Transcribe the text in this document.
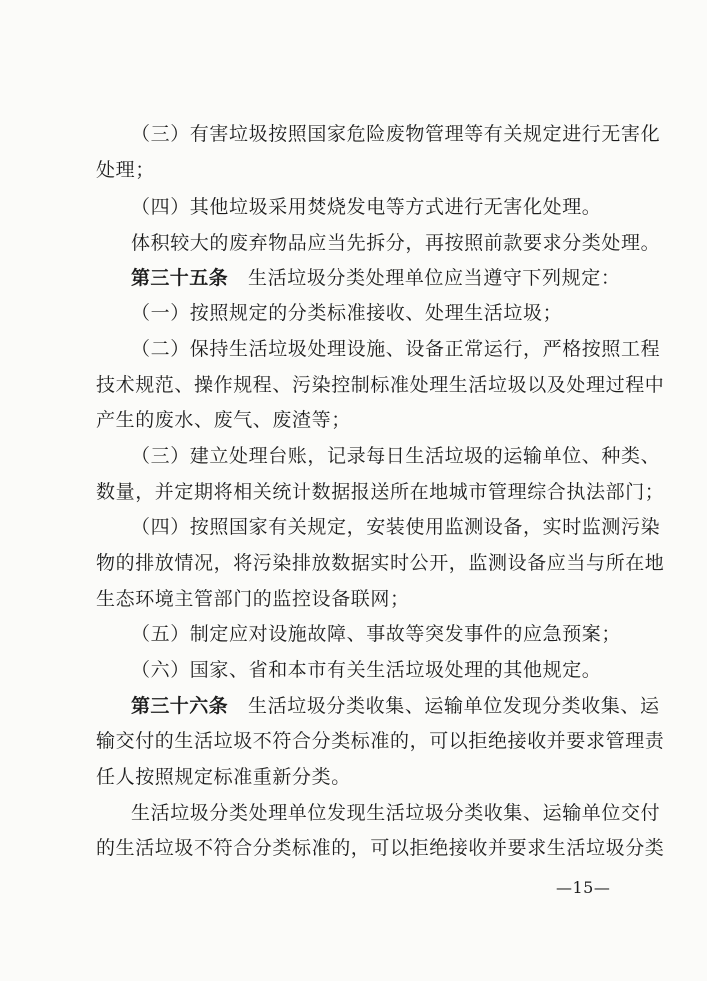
（三）有害垃圾按照国家危险废物管理等有关规定进行无害化
处理；
（四）其他垃圾采用焚烧发电等方式进行无害化处理。
体积较大的废弃物品应当先拆分，再按照前款要求分类处理。
第三十五条 生活垃圾分类处理单位应当遵守下列规定：
（一）按照规定的分类标准接收、处理生活垃圾；
（二）保持生活垃圾处理设施、设备正常运行，严格按照工程
技术规范、操作规程、污染控制标准处理生活垃圾以及处理过程中
产生的废水、废气、废渣等；
（三）建立处理台账，记录每日生活垃圾的运输单位、种类、
数量，并定期将相关统计数据报送所在地城市管理综合执法部门；
（四）按照国家有关规定，安装使用监测设备，实时监测污染
物的排放情况，将污染排放数据实时公开，监测设备应当与所在地
生态环境主管部门的监控设备联网；
（五）制定应对设施故障、事故等突发事件的应急预案；
（六）国家、省和本市有关生活垃圾处理的其他规定。
第三十六条 生活垃圾分类收集、运输单位发现分类收集、运
输交付的生活垃圾不符合分类标准的，可以拒绝接收并要求管理责
任人按照规定标准重新分类。
生活垃圾分类处理单位发现生活垃圾分类收集、运输单位交付
的生活垃圾不符合分类标准的，可以拒绝接收并要求生活垃圾分类
—15—
